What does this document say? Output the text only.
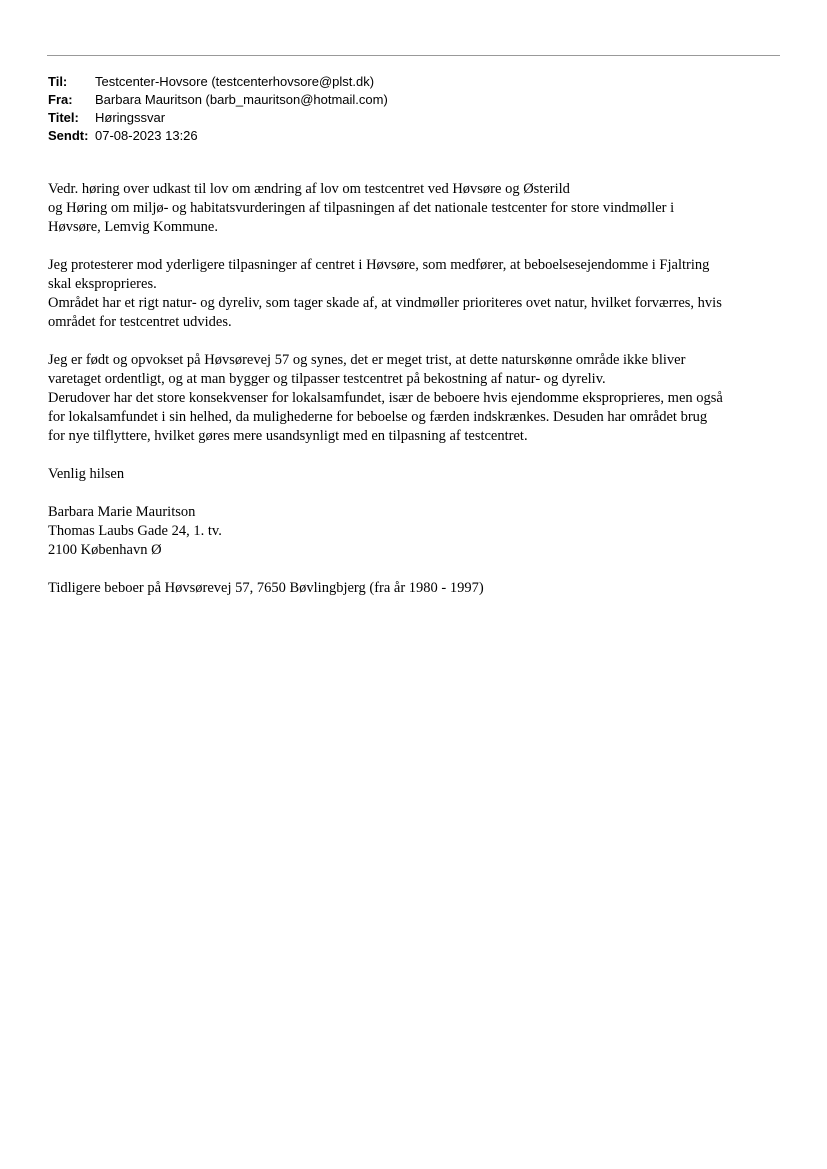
Til:	Testcenter-Hovsore (testcenterhovsore@plst.dk)
Fra:	Barbara Mauritson (barb_mauritson@hotmail.com)
Titel:	Høringssvar
Sendt: 07-08-2023 13:26
Vedr. høring over udkast til lov om ændring af lov om testcentret ved Høvsøre og Østerild
og Høring om miljø- og habitatsvurderingen af tilpasningen af det nationale testcenter for store vindmøller i
Høvsøre, Lemvig Kommune.
Jeg protesterer mod yderligere tilpasninger af centret i Høvsøre, som medfører, at beboelsesejendomme i Fjaltring
skal eksproprieres.
Området har et rigt natur- og dyreliv, som tager skade af, at vindmøller prioriteres ovet natur, hvilket forværres, hvis
området for testcentret udvides.
Jeg er født og opvokset på Høvsørevej 57 og synes, det er meget trist, at dette naturskønne område ikke bliver
varetaget ordentligt, og at man bygger og tilpasser testcentret på bekostning af natur- og dyreliv.
Derudover har det store konsekvenser for lokalsamfundet, især de beboere hvis ejendomme eksproprieres, men også
for lokalsamfundet i sin helhed, da mulighederne for beboelse og færden indskrænkes. Desuden har området brug
for nye tilflyttere, hvilket gøres mere usandsynligt med en tilpasning af testcentret.
Venlig hilsen
Barbara Marie Mauritson
Thomas Laubs Gade 24, 1. tv.
2100 København Ø
Tidligere beboer på Høvsørevej 57, 7650 Bøvlingbjerg (fra år 1980 - 1997)
